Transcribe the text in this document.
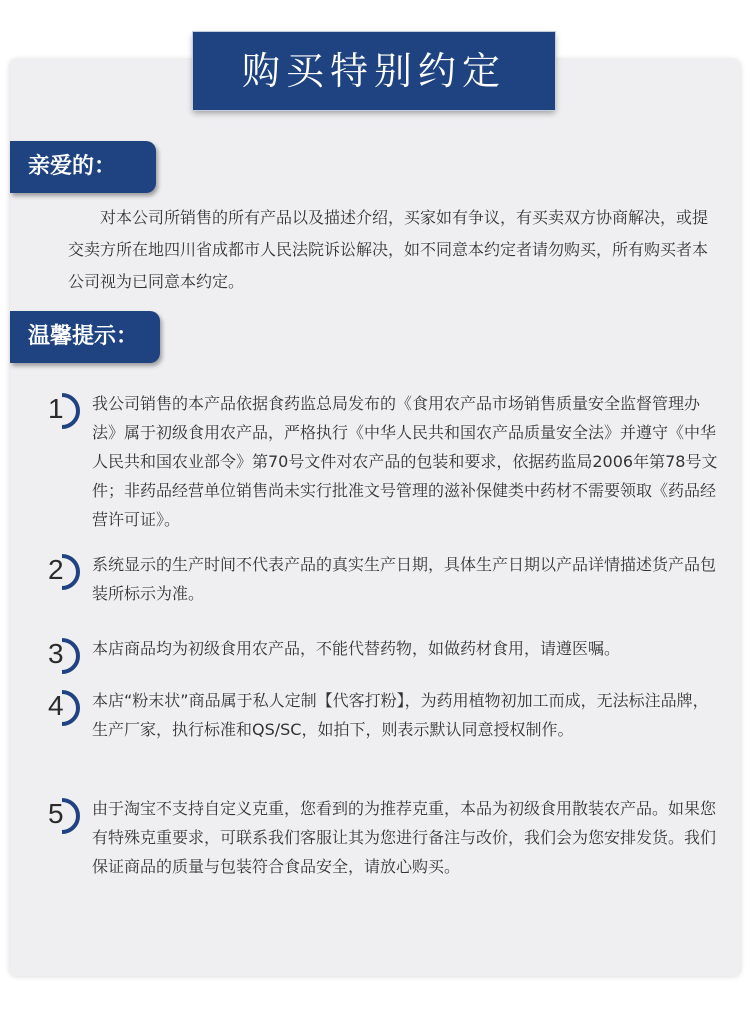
购买特别约定
亲爱的：
对本公司所销售的所有产品以及描述介绍，买家如有争议，有买卖双方协商解决，或提交卖方所在地四川省成都市人民法院诉讼解决，如不同意本约定者请勿购买，所有购买者本公司视为已同意本约定。
温馨提示：
1 我公司销售的本产品依据食药监总局发布的《食用农产品市场销售质量安全监督管理办法》属于初级食用农产品，严格执行《中华人民共和国农产品质量安全法》并遵守《中华人民共和国农业部令》第70号文件对农产品的包装和要求，依据药监局2006年第78号文件；非药品经营单位销售尚未实行批准文号管理的滋补保健类中药材不需要领取《药品经营许可证》。
2 系统显示的生产时间不代表产品的真实生产日期，具体生产日期以产品详情描述货产品包装所标示为准。
3 本店商品均为初级食用农产品，不能代替药物，如做药材食用，请遵医嘱。
4 本店“粉末状”商品属于私人定制【代客打粉】，为药用植物初加工而成，无法标注品牌，生产厂家，执行标准和QS/SC，如拍下，则表示默认同意授权制作。
5 由于淘宝不支持自定义克重，您看到的为推荐克重，本品为初级食用散装农产品。如果您有特殊克重要求，可联系我们客服让其为您进行备注与改价，我们会为您安排发货。我们保证商品的质量与包装符合食品安全，请放心购买。
